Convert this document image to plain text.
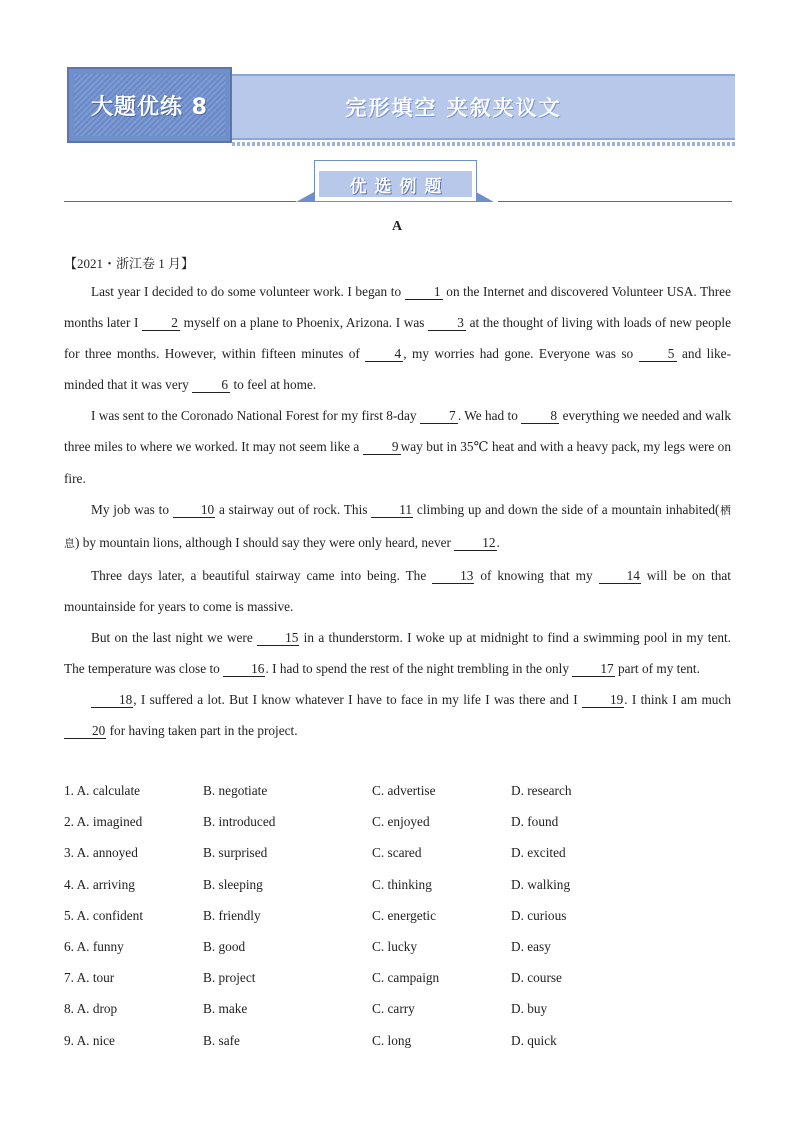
大题优练 8	完形填空 夹叙夹议文
优选例题
A
【2021・浙江卷 1 月】

Last year I decided to do some volunteer work. I began to 1 on the Internet and discovered Volunteer USA. Three months later I 2 myself on a plane to Phoenix, Arizona. I was 3 at the thought of living with loads of new people for three months. However, within fifteen minutes of 4 , my worries had gone. Everyone was so 5 and like-minded that it was very 6 to feel at home.

I was sent to the Coronado National Forest for my first 8-day 7 . We had to 8 everything we needed and walk three miles to where we worked. It may not seem like a 9 way but in 35℃ heat and with a heavy pack, my legs were on fire.

My job was to 10 a stairway out of rock. This 11 climbing up and down the side of a mountain inhabited(栖息) by mountain lions, although I should say they were only heard, never 12.

Three days later, a beautiful stairway came into being. The 13 of knowing that my 14 will be on that mountainside for years to come is massive.

But on the last night we were 15 in a thunderstorm. I woke up at midnight to find a swimming pool in my tent. The temperature was close to 16. I had to spend the rest of the night trembling in the only 17 part of my tent.

18, I suffered a lot. But I know whatever I have to face in my life I was there and I 19. I think I am much 20 for having taken part in the project.

1. A. calculate	B. negotiate	C. advertise	D. research
2. A. imagined	B. introduced	C. enjoyed	D. found
3. A. annoyed	B. surprised	C. scared	D. excited
4. A. arriving	B. sleeping	C. thinking	D. walking
5. A. confident	B. friendly	C. energetic	D. curious
6. A. funny	B. good	C. lucky	D. easy
7. A. tour	B. project	C. campaign	D. course
8. A. drop	B. make	C. carry	D. buy
9. A. nice	B. safe	C. long	D. quick
